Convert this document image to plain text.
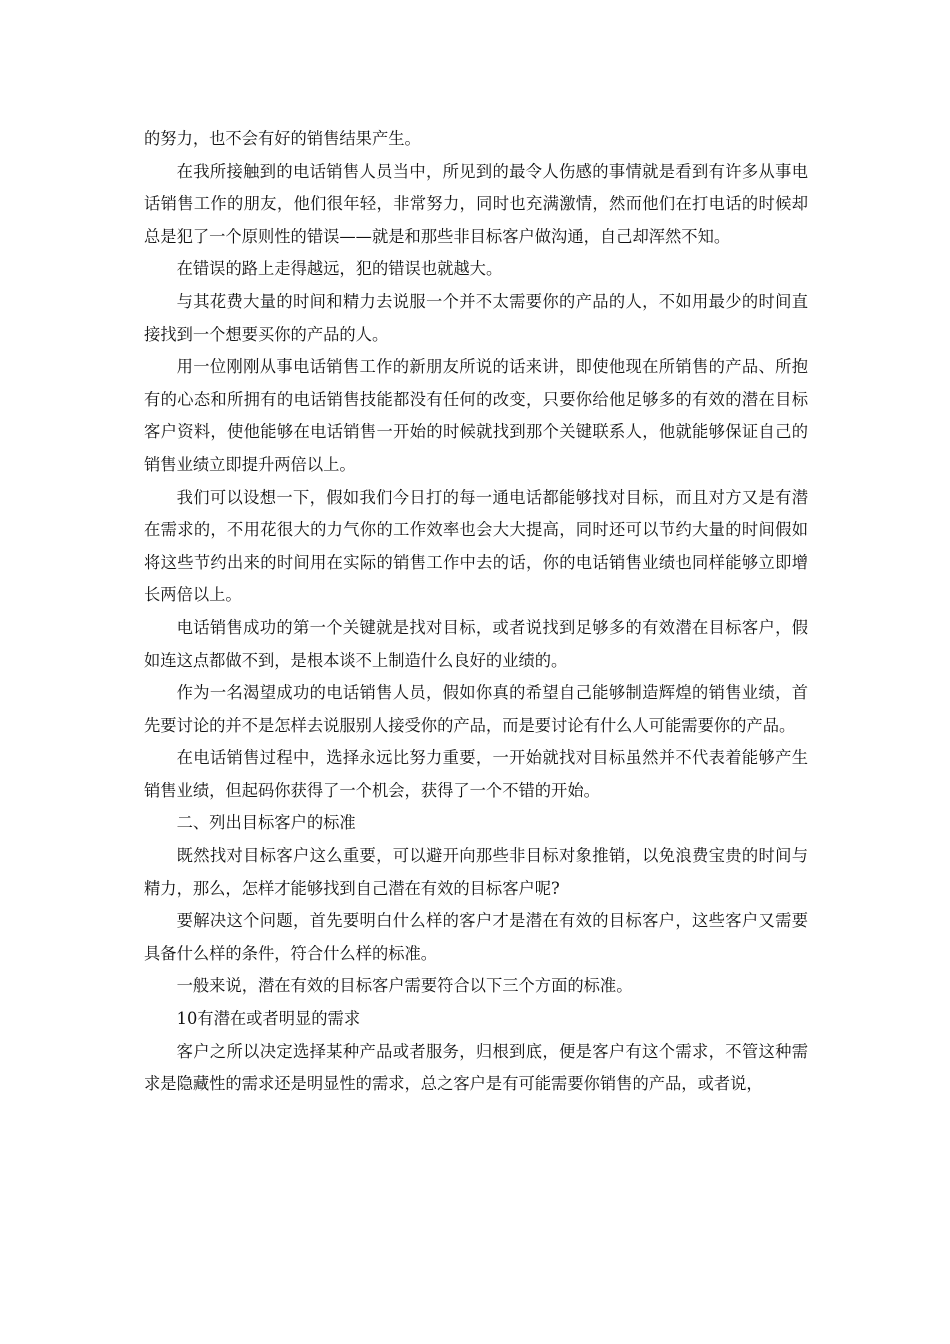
的努力，也不会有好的销售结果产生。

在我所接触到的电话销售人员当中，所见到的最令人伤感的事情就是看到有许多从事电话销售工作的朋友，他们很年轻，非常努力，同时也充满激情，然而他们在打电话的时候却总是犯了一个原则性的错误——就是和那些非目标客户做沟通，自己却浑然不知。

在错误的路上走得越远，犯的错误也就越大。

与其花费大量的时间和精力去说服一个并不太需要你的产品的人，不如用最少的时间直接找到一个想要买你的产品的人。

用一位刚刚从事电话销售工作的新朋友所说的话来讲，即使他现在所销售的产品、所抱有的心态和所拥有的电话销售技能都没有任何的改变，只要你给他足够多的有效的潜在目标客户资料，使他能够在电话销售一开始的时候就找到那个关键联系人，他就能够保证自己的销售业绩立即提升两倍以上。

我们可以设想一下，假如我们今日打的每一通电话都能够找对目标，而且对方又是有潜在需求的，不用花很大的力气你的工作效率也会大大提高，同时还可以节约大量的时间假如将这些节约出来的时间用在实际的销售工作中去的话，你的电话销售业绩也同样能够立即增长两倍以上。

电话销售成功的第一个关键就是找对目标，或者说找到足够多的有效潜在目标客户，假如连这点都做不到，是根本谈不上制造什么良好的业绩的。

作为一名渴望成功的电话销售人员，假如你真的希望自己能够制造辉煌的销售业绩，首先要讨论的并不是怎样去说服别人接受你的产品，而是要讨论有什么人可能需要你的产品。

在电话销售过程中，选择永远比努力重要，一开始就找对目标虽然并不代表着能够产生销售业绩，但起码你获得了一个机会，获得了一个不错的开始。

二、列出目标客户的标准

既然找对目标客户这么重要，可以避开向那些非目标对象推销，以免浪费宝贵的时间与精力，那么，怎样才能够找到自己潜在有效的目标客户呢?

要解决这个问题，首先要明白什么样的客户才是潜在有效的目标客户，这些客户又需要具备什么样的条件，符合什么样的标准。

一般来说，潜在有效的目标客户需要符合以下三个方面的标准。

10有潜在或者明显的需求

客户之所以决定选择某种产品或者服务，归根到底，便是客户有这个需求，不管这种需求是隐藏性的需求还是明显性的需求，总之客户是有可能需要你销售的产品，或者说，
